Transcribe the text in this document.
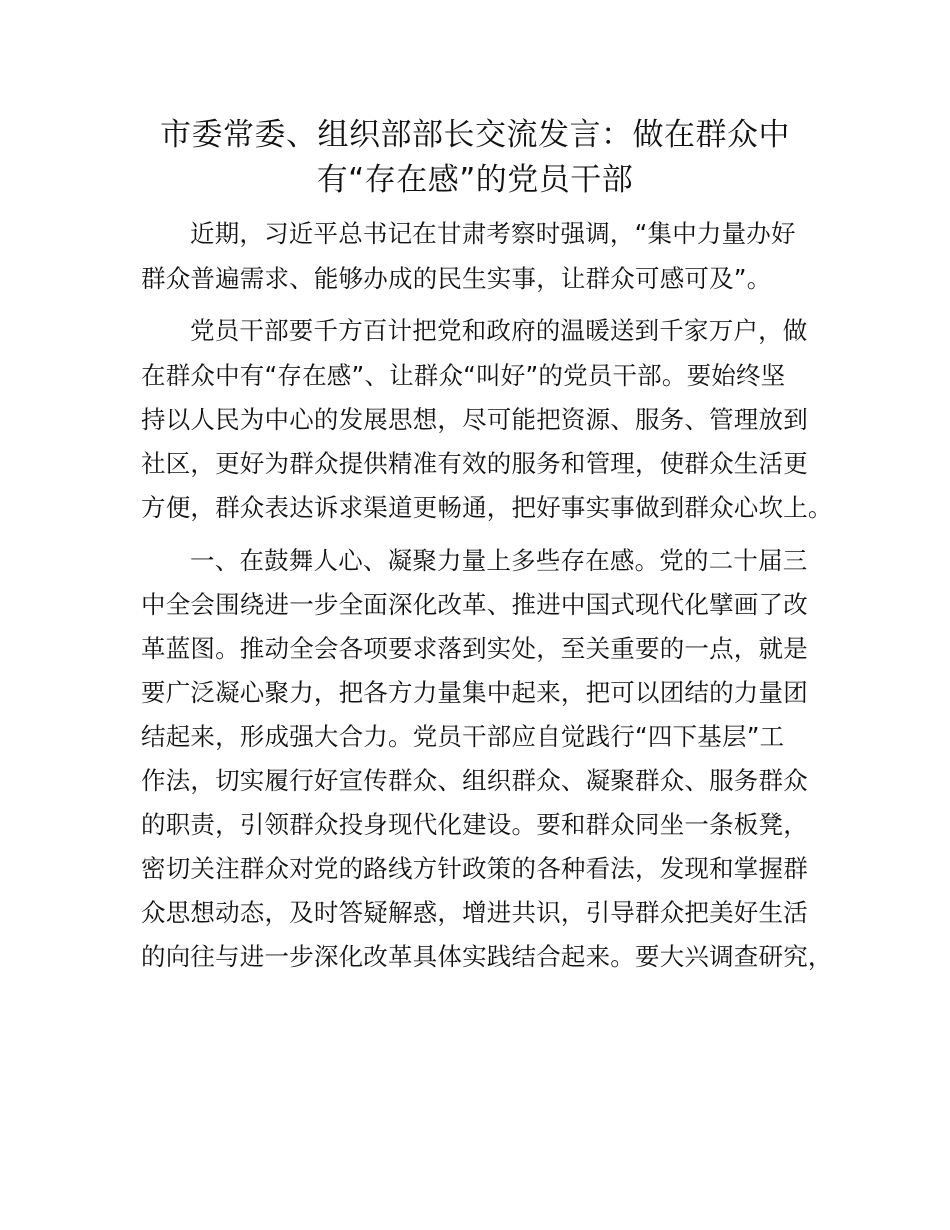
市委常委、组织部部长交流发言：做在群众中
有“存在感”的党员干部
近期，习近平总书记在甘肃考察时强调，“集中力量办好
群众普遍需求、能够办成的民生实事，让群众可感可及”。
党员干部要千方百计把党和政府的温暖送到千家万户，做
在群众中有“存在感”、让群众“叫好”的党员干部。要始终坚
持以人民为中心的发展思想，尽可能把资源、服务、管理放到
社区，更好为群众提供精准有效的服务和管理，使群众生活更
方便，群众表达诉求渠道更畅通，把好事实事做到群众心坎上。
一、在鼓舞人心、凝聚力量上多些存在感。党的二十届三
中全会围绕进一步全面深化改革、推进中国式现代化擘画了改
革蓝图。推动全会各项要求落到实处，至关重要的一点，就是
要广泛凝心聚力，把各方力量集中起来，把可以团结的力量团
结起来，形成强大合力。党员干部应自觉践行“四下基层”工
作法，切实履行好宣传群众、组织群众、凝聚群众、服务群众
的职责，引领群众投身现代化建设。要和群众同坐一条板凳，
密切关注群众对党的路线方针政策的各种看法，发现和掌握群
众思想动态，及时答疑解惑，增进共识，引导群众把美好生活
的向往与进一步深化改革具体实践结合起来。要大兴调查研究，
